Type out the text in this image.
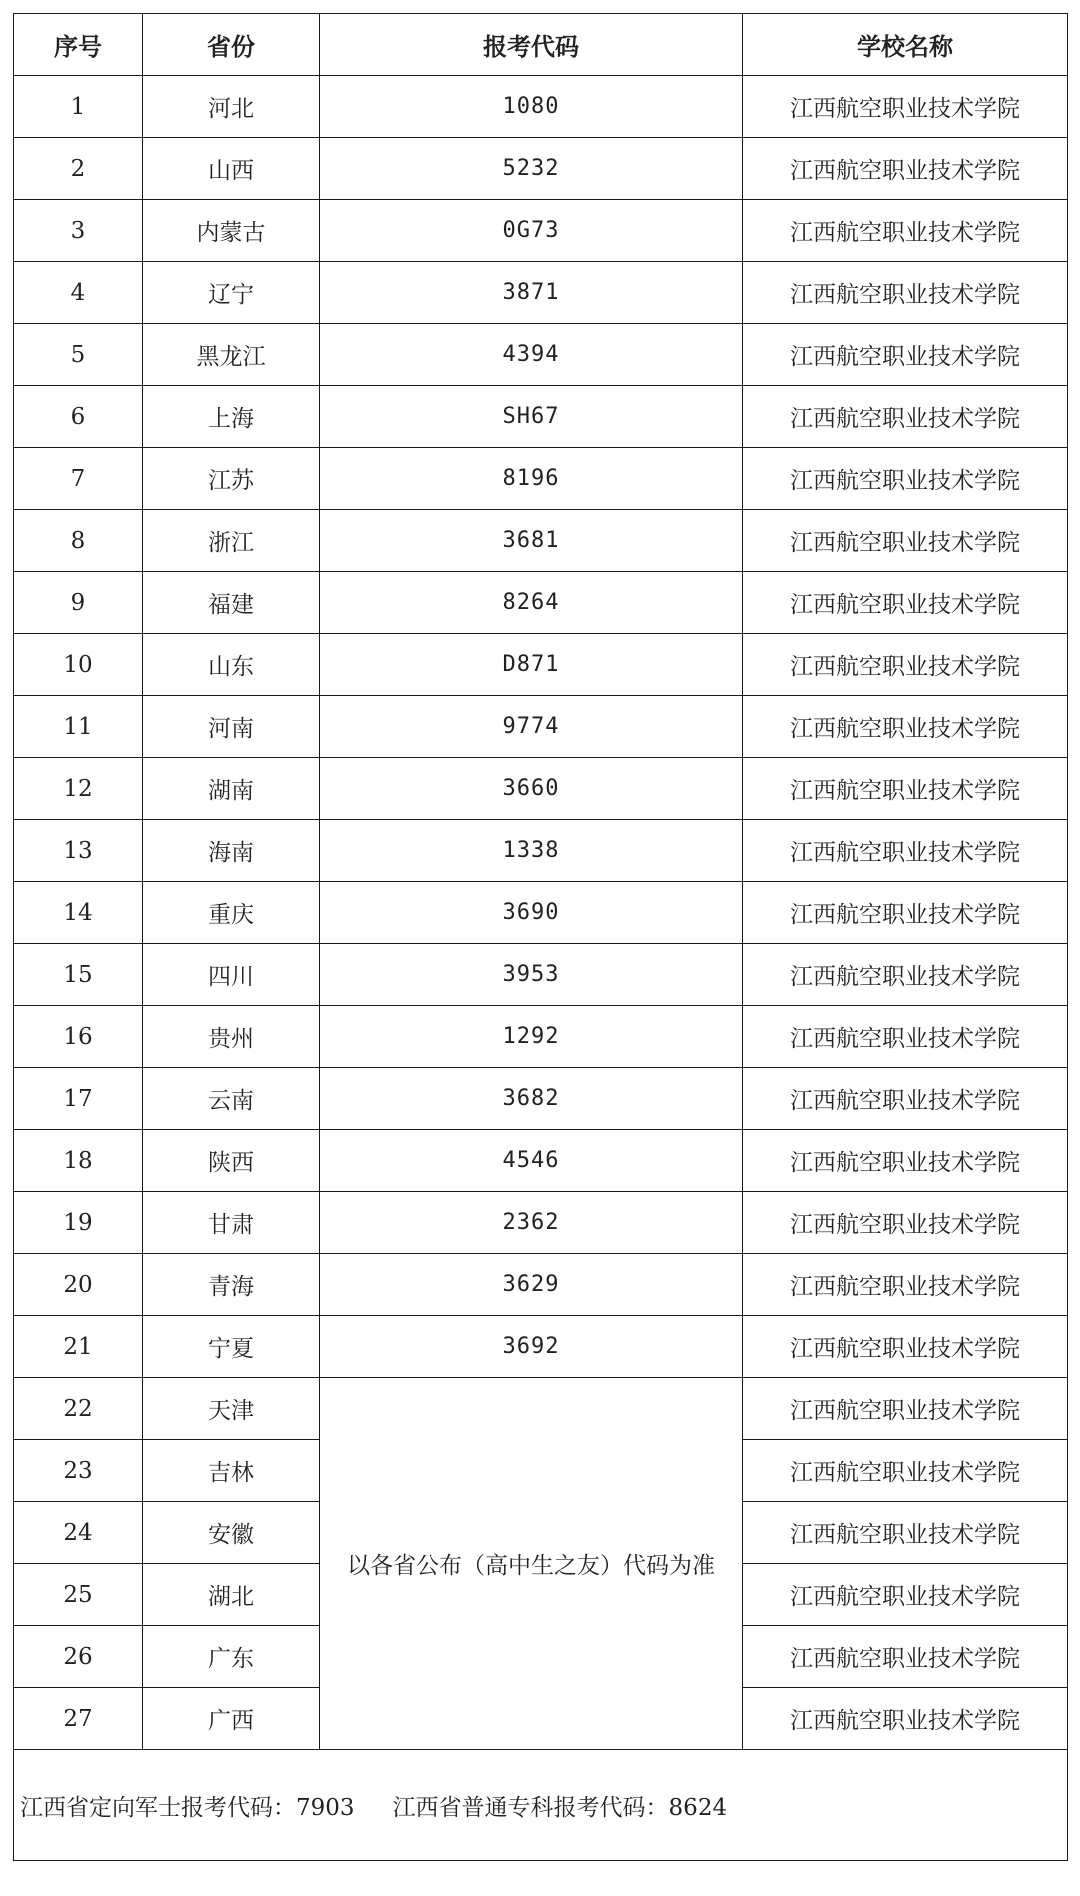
序号	省份	报考代码	学校名称
1	河北	1080	江西航空职业技术学院
2	山西	5232	江西航空职业技术学院
3	内蒙古	0G73	江西航空职业技术学院
4	辽宁	3871	江西航空职业技术学院
5	黑龙江	4394	江西航空职业技术学院
6	上海	SH67	江西航空职业技术学院
7	江苏	8196	江西航空职业技术学院
8	浙江	3681	江西航空职业技术学院
9	福建	8264	江西航空职业技术学院
10	山东	D871	江西航空职业技术学院
11	河南	9774	江西航空职业技术学院
12	湖南	3660	江西航空职业技术学院
13	海南	1338	江西航空职业技术学院
14	重庆	3690	江西航空职业技术学院
15	四川	3953	江西航空职业技术学院
16	贵州	1292	江西航空职业技术学院
17	云南	3682	江西航空职业技术学院
18	陕西	4546	江西航空职业技术学院
19	甘肃	2362	江西航空职业技术学院
20	青海	3629	江西航空职业技术学院
21	宁夏	3692	江西航空职业技术学院
22	天津	以各省公布（高中生之友）代码为准	江西航空职业技术学院
23	吉林		江西航空职业技术学院
24	安徽		江西航空职业技术学院
25	湖北		江西航空职业技术学院
26	广东		江西航空职业技术学院
27	广西		江西航空职业技术学院
江西省定向军士报考代码：7903 江西省普通专科报考代码：8624			
